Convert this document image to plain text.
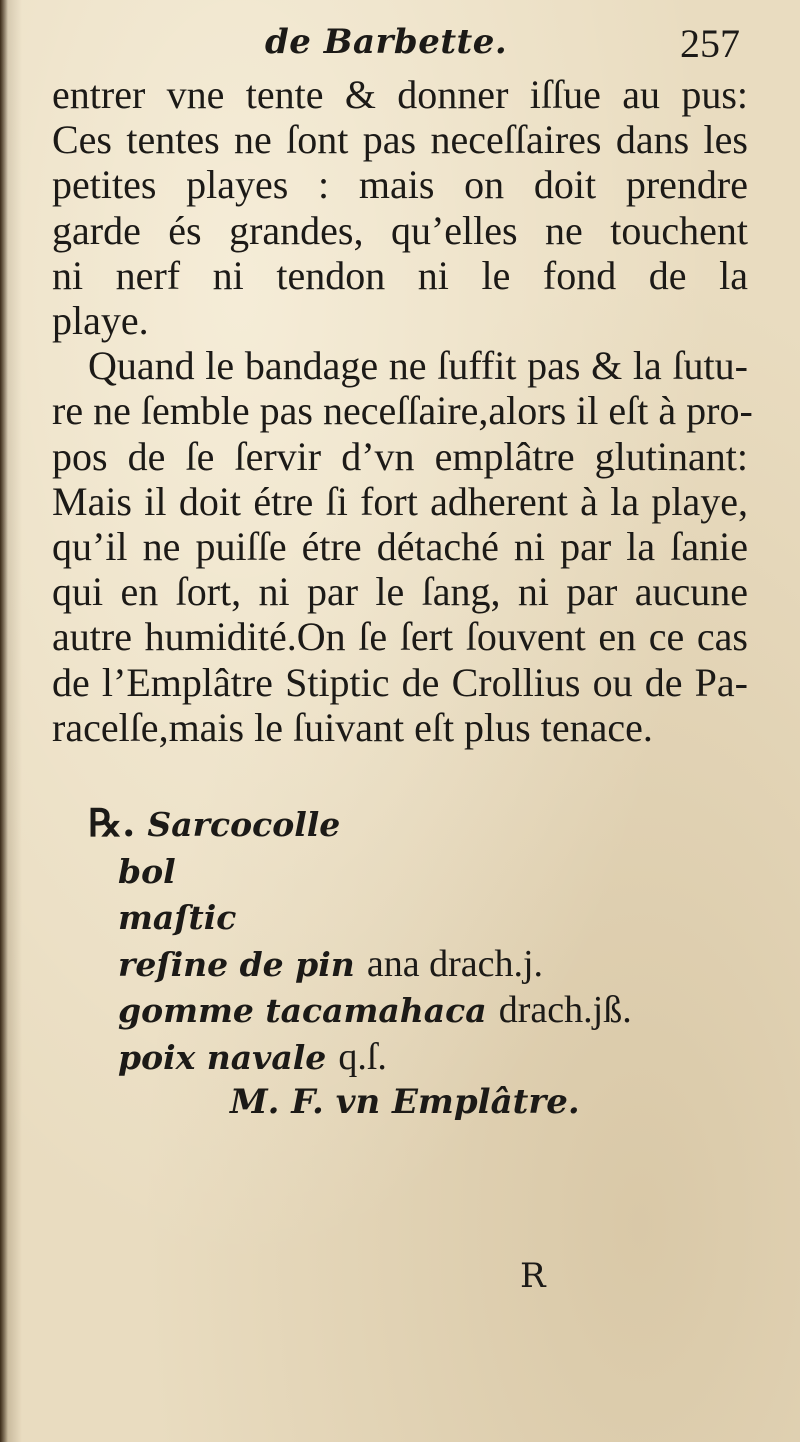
de Barbette.	257
entrer vne tente & donner iſſue au pus:
Ces tentes ne ſont pas neceſſaires dans les
petites playes : mais on doit prendre
garde és grandes, qu’elles ne touchent
ni nerf ni tendon ni le fond de la
playe.
Quand le bandage ne ſuffit pas & la ſutu-
re ne ſemble pas neceſſaire,alors il eſt à pro-
pos de ſe ſervir d’vn emplâtre glutinant:
Mais il doit étre ſi fort adherent à la playe,
qu’il ne puiſſe étre détaché ni par la ſanie
qui en ſort, ni par le ſang, ni par aucune
autre humidité.On ſe ſert ſouvent en ce cas
de l’Emplâtre Stiptic de Crollius ou de Pa-
racelſe,mais le ſuivant eſt plus tenace.
℞. Sarcocolle
bol
maſtic
reſine de pin ana drach.j.
gomme tacamahaca drach.jß.
poix navale q.ſ.
M. F. vn Emplâtre.
R
